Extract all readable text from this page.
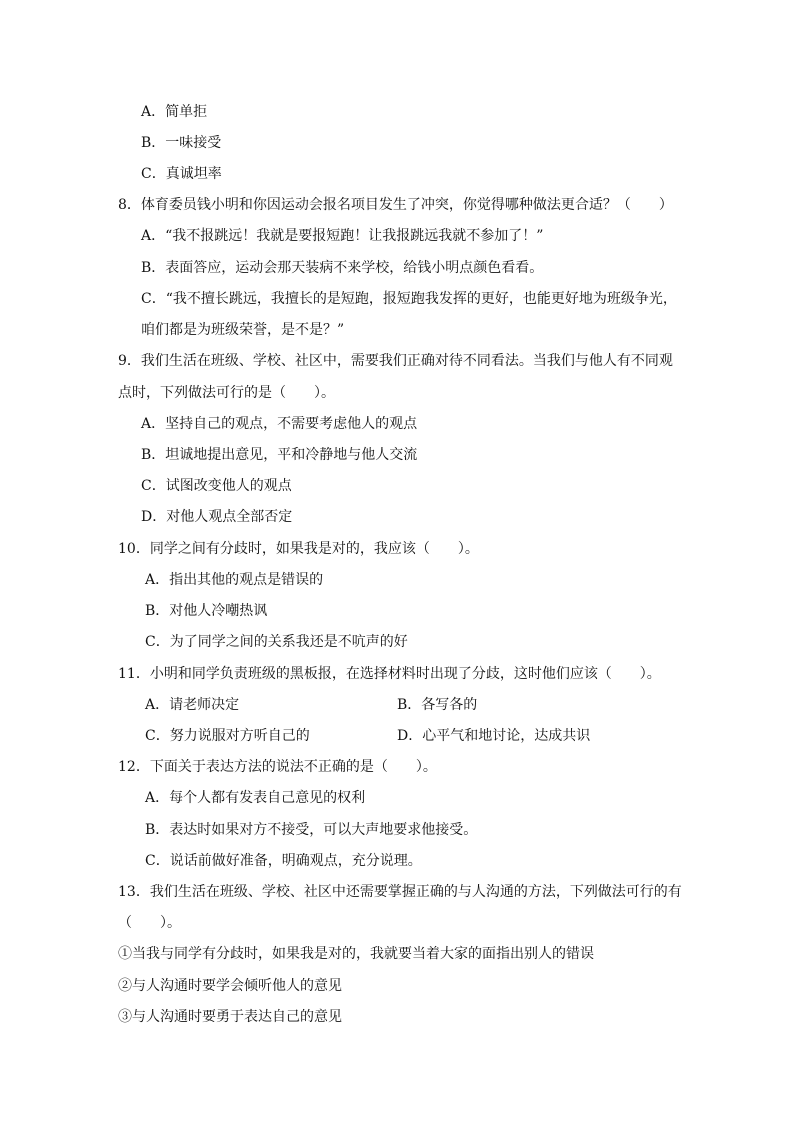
A．简单拒
B．一味接受
C．真诚坦率
8．体育委员钱小明和你因运动会报名项目发生了冲突，你觉得哪种做法更合适？（　　）
A．“我不报跳远！我就是要报短跑！让我报跳远我就不参加了！”
B．表面答应，运动会那天装病不来学校，给钱小明点颜色看看。
C．“我不擅长跳远，我擅长的是短跑，报短跑我发挥的更好，也能更好地为班级争光，
咱们都是为班级荣誉，是不是？”
9．我们生活在班级、学校、社区中，需要我们正确对待不同看法。当我们与他人有不同观
点时，下列做法可行的是（　　）。
A．坚持自己的观点，不需要考虑他人的观点
B．坦诚地提出意见，平和冷静地与他人交流
C．试图改变他人的观点
D．对他人观点全部否定
10．同学之间有分歧时，如果我是对的，我应该（　　）。
A．指出其他的观点是错误的
B．对他人冷嘲热讽
C．为了同学之间的关系我还是不吭声的好
11．小明和同学负责班级的黑板报，在选择材料时出现了分歧，这时他们应该（　　）。
A．请老师决定	B．各写各的
C．努力说服对方听自己的	D．心平气和地讨论，达成共识
12．下面关于表达方法的说法不正确的是（　　）。
A．每个人都有发表自己意见的权利
B．表达时如果对方不接受，可以大声地要求他接受。
C．说话前做好准备，明确观点，充分说理。
13．我们生活在班级、学校、社区中还需要掌握正确的与人沟通的方法，下列做法可行的有
（　　）。
①当我与同学有分歧时，如果我是对的，我就要当着大家的面指出别人的错误
②与人沟通时要学会倾听他人的意见
③与人沟通时要勇于表达自己的意见
